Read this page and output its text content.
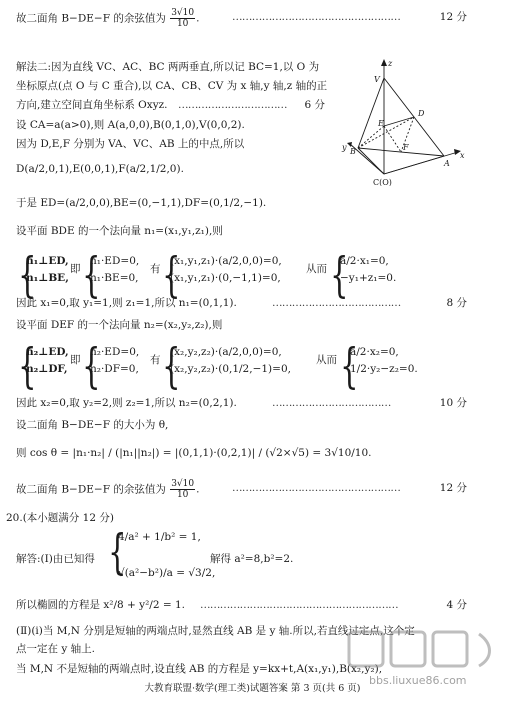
故二面角 B−DE−F 的余弦值为 $\frac{3√10}{10}$ .	……………………………………………	12 分
解法二:因为直线 VC、AC、BC 两两垂直,所以记 BC=1,以 O 为
坐标原点(点 O 与 C 重合),以 CA、CB、CV 为 x 轴,y 轴,z 轴的正
方向,建立空间直角坐标系 Oxyz. …………………………… 6 分
设 CA=a(a>0),则 A(a,0,0),B(0,1,0),V(0,0,2).
因为 D,E,F 分别为 VA、VC、AB 上的中点,所以
D(a/2,0,1),E(0,0,1),F(a/2,1/2,0).
于是 ED=(a/2,0,0),BE=(0,−1,1),DF=(0,1/2,−1).
设平面 BDE 的一个法向量 n₁=(x₁,y₁,z₁),则
z
V
D
E
F
B
A
y
x
C(O)
{
n₁⊥ED,
n₁⊥BE,
即 {
n₁·ED=0,
n₁·BE=0,
有 {
(x₁,y₁,z₁)·(a/2,0,0)=0,
(x₁,y₁,z₁)·(0,−1,1)=0,
从而 {
a/2·x₁=0,
−y₁+z₁=0.
因此 x₁=0,取 y₁=1,则 z₁=1,所以 n₁=(0,1,1).	…………………………………	8 分
设平面 DEF 的一个法向量 n₂=(x₂,y₂,z₂),则
{
n₂⊥ED,
n₂⊥DF,
即 {
n₂·ED=0,
n₂·DF=0,
有 {
(x₂,y₂,z₂)·(a/2,0,0)=0,
(x₂,y₂,z₂)·(0,1/2,−1)=0,
从而 {
a/2·x₂=0,
1/2·y₂−z₂=0.
因此 x₂=0,取 y₂=2,则 z₂=1,所以 n₂=(0,2,1).	………………………………	10 分
设二面角 B−DE−F 的大小为 θ,
则 cos θ = |n₁·n₂| / (|n₁||n₂|) = |(0,1,1)·(0,2,1)| / (√2×√5) = 3√10/10.
故二面角 B−DE−F 的余弦值为 $\frac{3√10}{10}$ .	……………………………………………	12 分
20.(本小题满分 12 分)
解答:(Ⅰ)由已知得 {
4/a² + 1/b² = 1,
√(a²−b²)/a = √3/2,
解得 a²=8,b²=2.
所以椭圆的方程是 x²/8 + y²/2 = 1. ……………………………………………………	4 分
(Ⅱ)(ⅰ)当 M,N 分别是短轴的两端点时,显然直线 AB 是 y 轴.所以,若直线过定点,这个定
点一定在 y 轴上.
当 M,N 不是短轴的两端点时,设直线 AB 的方程是 y=kx+t,A(x₁,y₁),B(x₂,y₂),
大教育联盟·数学(理工类)试题答案 第 3 页(共 6 页)
bbs.liuxue86.com
